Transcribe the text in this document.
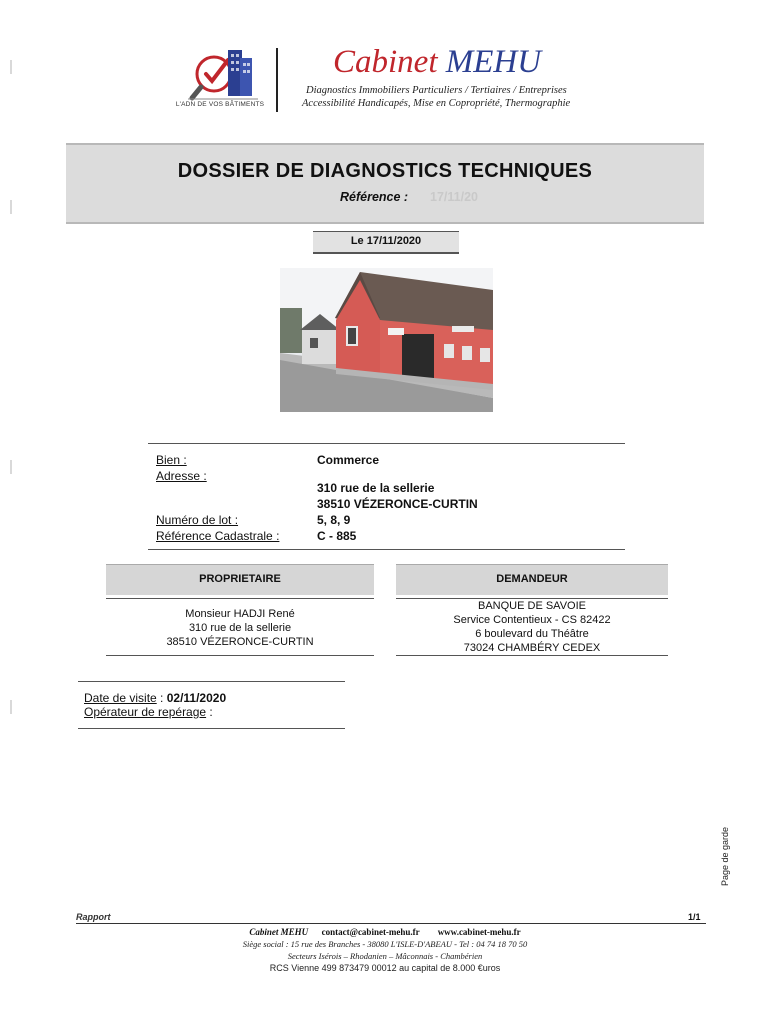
L'ADN DE VOS BÂTIMENTS
Cabinet MEHU
Diagnostics Immobiliers Particuliers / Tertiaires / Entreprises
Accessibilité Handicapés, Mise en Copropriété, Thermographie
DOSSIER DE DIAGNOSTICS TECHNIQUES
Référence : 17/11/20
Le 17/11/2020
Bien :	Commerce
Adresse :
310 rue de la sellerie
38510 VÉZERONCE-CURTIN
Numéro de lot :	5, 8, 9
Référence Cadastrale :	C - 885
PROPRIETAIRE
Monsieur HADJI René
310 rue de la sellerie
38510 VÉZERONCE-CURTIN
DEMANDEUR
BANQUE DE SAVOIE
Service Contentieux - CS 82422
6 boulevard du Théâtre
73024 CHAMBÉRY CEDEX
Date de visite : 02/11/2020
Opérateur de repérage :
Page de garde
Rapport	1/1
Cabinet MEHU contact@cabinet-mehu.fr www.cabinet-mehu.fr
Siège social : 15 rue des Branches - 38080 L'ISLE-D'ABEAU - Tel : 04 74 18 70 50
Secteurs Isérois – Rhodanien – Mâconnais - Chambérien
RCS Vienne 499 873479 00012 au capital de 8.000 €uros
